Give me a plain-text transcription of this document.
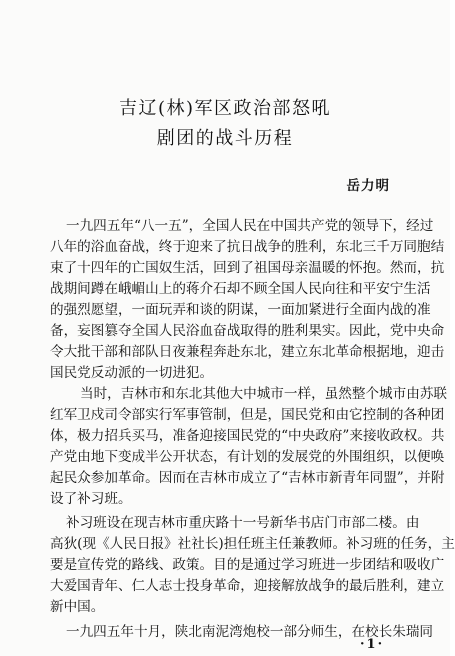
吉辽(林)军区政治部怒吼
剧团的战斗历程
岳力明
一九四五年“八一五”，全国人民在中国共产党的领导下，经过
八年的浴血奋战，终于迎来了抗日战争的胜利，东北三千万同胞结
束了十四年的亡国奴生活，回到了祖国母亲温暖的怀抱。然而，抗
战期间蹲在峨嵋山上的蒋介石却不顾全国人民向往和平安宁生活
的强烈愿望，一面玩弄和谈的阴谋，一面加紧进行全面内战的准
备，妄图篡夺全国人民浴血奋战取得的胜利果实。因此，党中央命
令大批干部和部队日夜兼程奔赴东北，建立东北革命根据地，迎击
国民党反动派的一切进犯。
当时，吉林市和东北其他大中城市一样，虽然整个城市由苏联
红军卫戍司令部实行军事管制，但是，国民党和由它控制的各种团
体，极力招兵买马，准备迎接国民党的“中央政府”来接收政权。共
产党由地下变成半公开状态，有计划的发展党的外围组织，以便唤
起民众参加革命。因而在吉林市成立了“吉林市新青年同盟”，并附
设了补习班。
补习班设在现吉林市重庆路十一号新华书店门市部二楼。由
高狄(现《人民日报》社社长)担任班主任兼教师。补习班的任务，主
要是宣传党的路线、政策。目的是通过学习班进一步团结和吸收广
大爱国青年、仁人志士投身革命，迎接解放战争的最后胜利，建立
新中国。
一九四五年十月，陕北南泥湾炮校一部分师生，在校长朱瑞同
·1·
